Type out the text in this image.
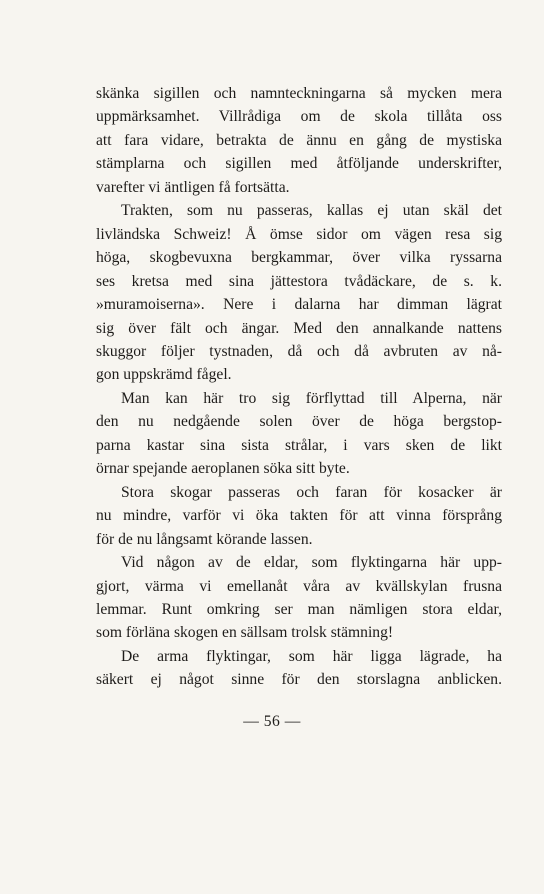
skänka sigillen och namnteckningarna så mycken mera
uppmärksamhet. Villrådiga om de skola tillåta oss
att fara vidare, betrakta de ännu en gång de mystiska
stämplarna och sigillen med åtföljande underskrifter,
varefter vi äntligen få fortsätta.

Trakten, som nu passeras, kallas ej utan skäl det
livländska Schweiz! Å ömse sidor om vägen resa sig
höga, skogbevuxna bergkammar, över vilka ryssarna
ses kretsa med sina jättestora tvådäckare, de s. k.
»muramoiserna». Nere i dalarna har dimman lägrat
sig över fält och ängar. Med den annalkande nattens
skuggor följer tystnaden, då och då avbruten av nå-
gon uppskrämd fågel.

Man kan här tro sig förflyttad till Alperna, när
den nu nedgående solen över de höga bergstop-
parna kastar sina sista strålar, i vars sken de likt
örnar spejande aeroplanen söka sitt byte.

Stora skogar passeras och faran för kosacker är
nu mindre, varför vi öka takten för att vinna försprång
för de nu långsamt körande lassen.

Vid någon av de eldar, som flyktingarna här upp-
gjort, värma vi emellanåt våra av kvällskylan frusna
lemmar. Runt omkring ser man nämligen stora eldar,
som förläna skogen en sällsam trolsk stämning!

De arma flyktingar, som här ligga lägrade, ha
säkert ej något sinne för den storslagna anblicken.

— 56 —
